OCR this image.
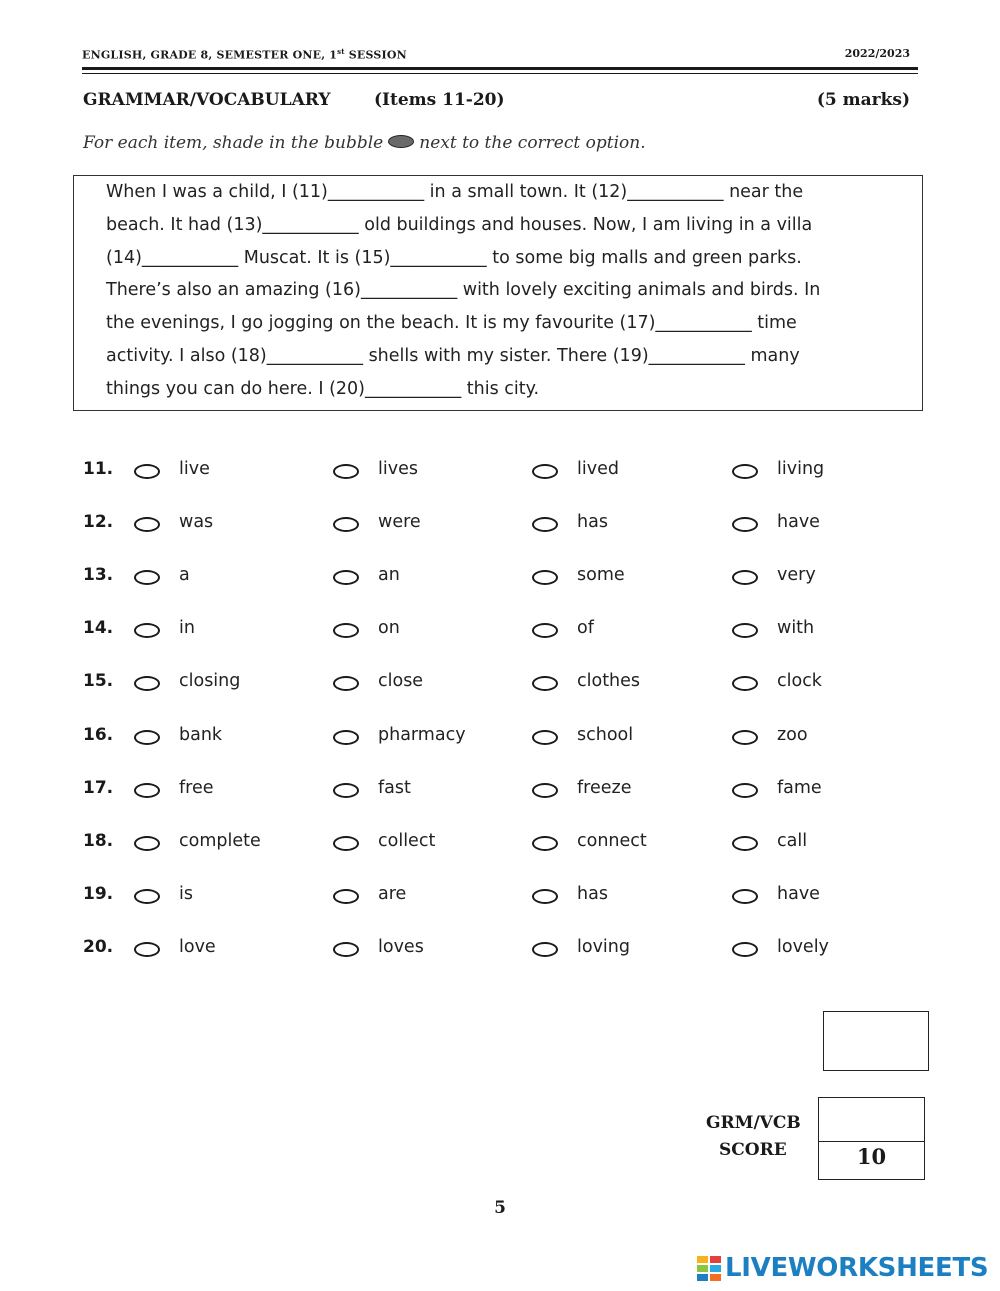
ENGLISH, GRADE 8, SEMESTER ONE, 1st SESSION	2022/2023
GRAMMAR/VOCABULARY	(Items 11-20)	(5 marks)
For each item, shade in the bubble next to the correct option.
When I was a child, I (11)___________ in a small town. It (12)___________ near the
beach. It had (13)___________ old buildings and houses. Now, I am living in a villa
(14)___________ Muscat. It is (15)___________ to some big malls and green parks.
There’s also an amazing (16)___________ with lovely exciting animals and birds. In
the evenings, I go jogging on the beach. It is my favourite (17)___________ time
activity. I also (18)___________ shells with my sister. There (19)___________ many
things you can do here. I (20)___________ this city.
11.	live	lives	lived	living
12.	was	were	has	have
13.	a	an	some	very
14.	in	on	of	with
15.	closing	close	clothes	clock
16.	bank	pharmacy	school	zoo
17.	free	fast	freeze	fame
18.	complete	collect	connect	call
19.	is	are	has	have
20.	love	loves	loving	lovely
GRM/VCB
SCORE	10
5
LIVEWORKSHEETS
